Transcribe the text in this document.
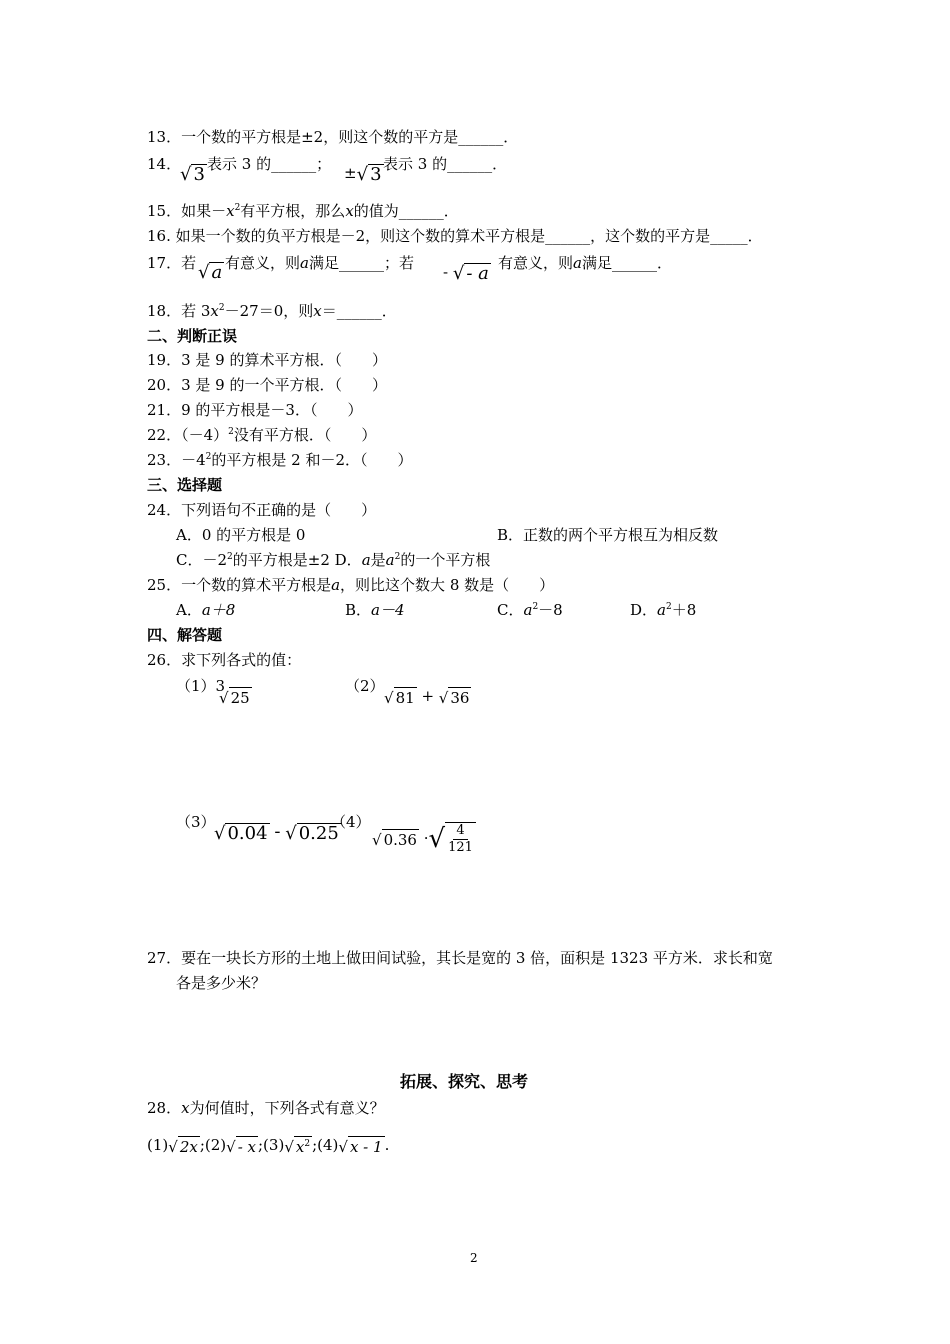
13．一个数的平方根是±2，则这个数的平方是______．
14．
√ 3 表示 3 的______； ±√ 3 表示 3 的______．
15．如果$-x^2$有平方根，那么x的值为______．
16. 如果一个数的负平方根是－2，则这个数的算术平方根是______，这个数的平方是_____．
17．若 √ a 有意义，则a满足______；若 - √ - a 有意义，则a满足______．
18．若 $3x^2-27=0$，则x＝______．
二、判断正误
19．3 是 9 的算术平方根．（　　）
20．3 是 9 的一个平方根．（　　）
21．9 的平方根是－3．（　　）
22．$(-4)^2$没有平方根．（　　）
23．$-4^2$的平方根是 2 和－2．（　　）
三、选择题
24．下列语句不正确的是（　　）
A．0 的平方根是 0	B．正数的两个平方根互为相反数
C．$-2^2$的平方根是±2 D．a是$a^2$的一个平方根
25．一个数的算术平方根是a，则比这个数大 8 数是（　　）
A．a＋8	B．a－4	C．$a^2-8$	D．$a^2+8$
四、解答题
26．求下列各式的值：
（1）3
√ 25
（2）
√ 81 + √ 36
（3）
√ 0.04 - √ 0.25
（4）
√ 0.36 ·√ $\frac{4}{121}$
27．要在一块长方形的土地上做田间试验，其长是宽的 3 倍，面积是 1323 平方米．求长和宽
各是多少米？
拓展、探究、思考
28．x为何值时，下列各式有意义？
(1)√ 2x ;(2)√ - x ;(3)√ $x^2$ ;(4)√ x - 1 .
2
